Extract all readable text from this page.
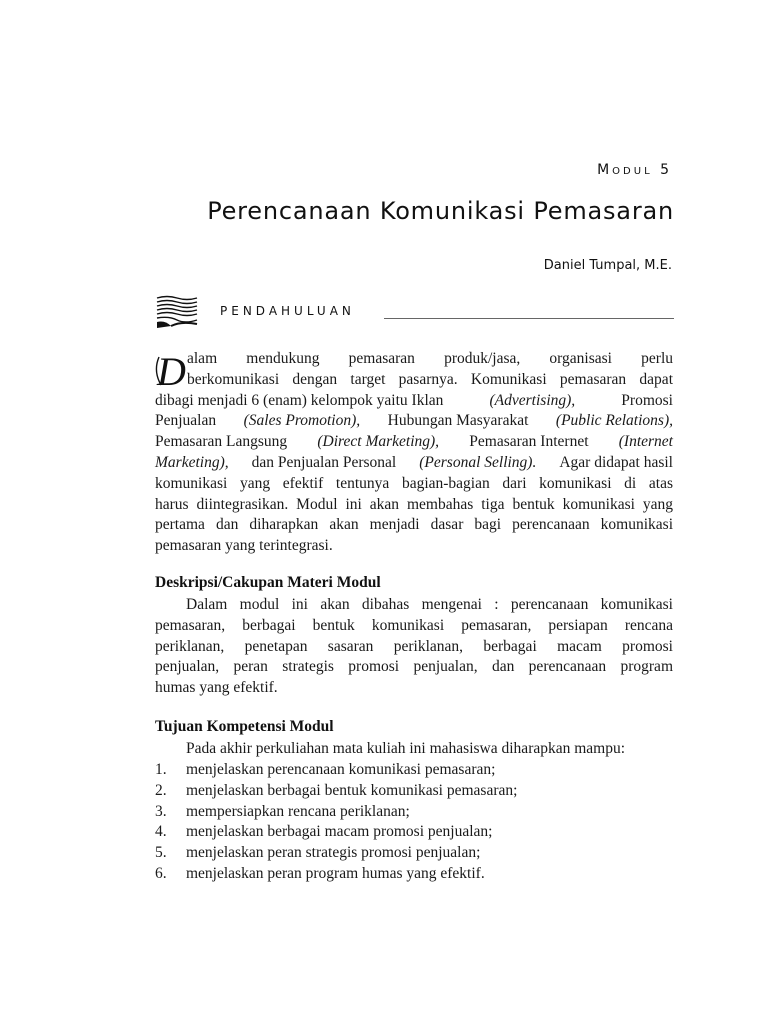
Modul 5
Perencanaan Komunikasi Pemasaran
Daniel Tumpal, M.E.
PENDAHULUAN
D alam mendukung pemasaran produk/jasa, organisasi perlu
berkomunikasi dengan target pasarnya. Komunikasi pemasaran dapat
dibagi menjadi 6 (enam) kelompok yaitu Iklan	(Advertising),	Promosi
Penjualan (Sales Promotion), Hubungan Masyarakat (Public Relations),
Pemasaran Langsung (Direct Marketing), Pemasaran Internet (Internet
Marketing), dan Penjualan Personal (Personal Selling). Agar didapat hasil
komunikasi yang efektif tentunya bagian-bagian dari komunikasi di atas
harus diintegrasikan. Modul ini akan membahas tiga bentuk komunikasi yang
pertama dan diharapkan akan menjadi dasar bagi perencanaan komunikasi
pemasaran yang terintegrasi.
Deskripsi/Cakupan Materi Modul
Dalam modul ini akan dibahas mengenai : perencanaan komunikasi
pemasaran, berbagai bentuk komunikasi pemasaran, persiapan rencana
periklanan, penetapan sasaran periklanan, berbagai macam promosi
penjualan, peran strategis promosi penjualan, dan perencanaan program
humas yang efektif.
Tujuan Kompetensi Modul
Pada akhir perkuliahan mata kuliah ini mahasiswa diharapkan mampu:
1.	menjelaskan perencanaan komunikasi pemasaran;
2.	menjelaskan berbagai bentuk komunikasi pemasaran;
3.	mempersiapkan rencana periklanan;
4.	menjelaskan berbagai macam promosi penjualan;
5.	menjelaskan peran strategis promosi penjualan;
6.	menjelaskan peran program humas yang efektif.
